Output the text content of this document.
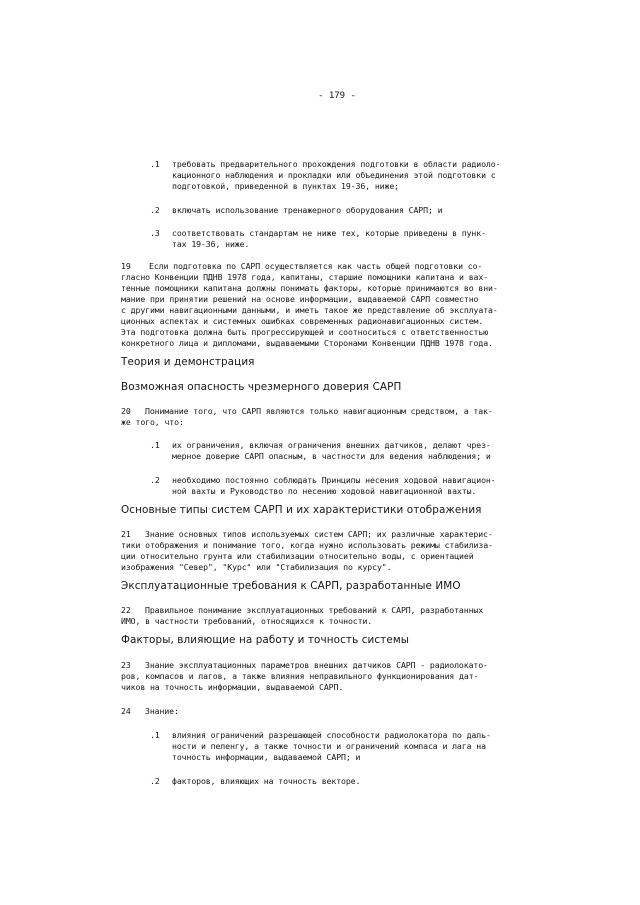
- 179 -
.1 требовать предварительного прохождения подготовки в области радиоло-
кационного наблюдения и прокладки или объединения этой подготовки с
подготовкой, приведенной в пунктах 19-36, ниже;
.2 включать использование тренажерного оборудования САРП; и
.3 соответствовать стандартам не ниже тех, которые приведены в пунк-
тах 19-36, ниже.
19 Если подготовка по САРП осуществляется как часть общей подготовки со-
гласно Конвенции ПДНВ 1978 года, капитаны, старшие помощники капитана и вах-
тенные помощники капитана должны понимать факторы, которые принимаются во вни-
мание при принятии решений на основе информации, выдаваемой САРП совместно
с другими навигационными данными, и иметь такое же представление об эксплуата-
ционных аспектах и системных ошибках современных радионавигационных систем.
Эта подготовка должна быть прогрессирующей и соотноситься с ответственностью
конкретного лица и дипломами, выдаваемыми Сторонами Конвенции ПДНВ 1978 года.
Теория и демонстрация
Возможная опасность чрезмерного доверия САРП
20 Понимание того, что САРП являются только навигационным средством, а так-
же того, что:
.1 их ограничения, включая ограничения внешних датчиков, делают чрез-
мерное доверие САРП опасным, в частности для ведения наблюдения; и
.2 необходимо постоянно соблюдать Принципы несения ходовой навигацион-
ной вахты и Руководство по несению ходовой навигационной вахты.
Основные типы систем САРП и их характеристики отображения
21 Знание основных типов используемых систем САРП; их различные характерис-
тики отображения и понимание того, когда нужно использовать режимы стабилиза-
ции относительно грунта или стабилизации относительно воды, с ориентацией
изображения "Север", "Курс" или "Стабилизация по курсу".
Эксплуатационные требования к САРП, разработанные ИМО
22 Правильное понимание эксплуатационных требований к САРП, разработанных
ИМО, в частности требований, относящихся к точности.
Факторы, влияющие на работу и точность системы
23 Знание эксплуатационных параметров внешних датчиков САРП - радиолокато-
ров, компасов и лагов, а также влияния неправильного функционирования дат-
чиков на точность информации, выдаваемой САРП.
24 Знание:
.1 влияния ограничений разрешающей способности радиолокатора по даль-
ности и пеленгу, а также точности и ограничений компаса и лага на
точность информации, выдаваемой САРП; и
.2 факторов, влияющих на точность векторе.
